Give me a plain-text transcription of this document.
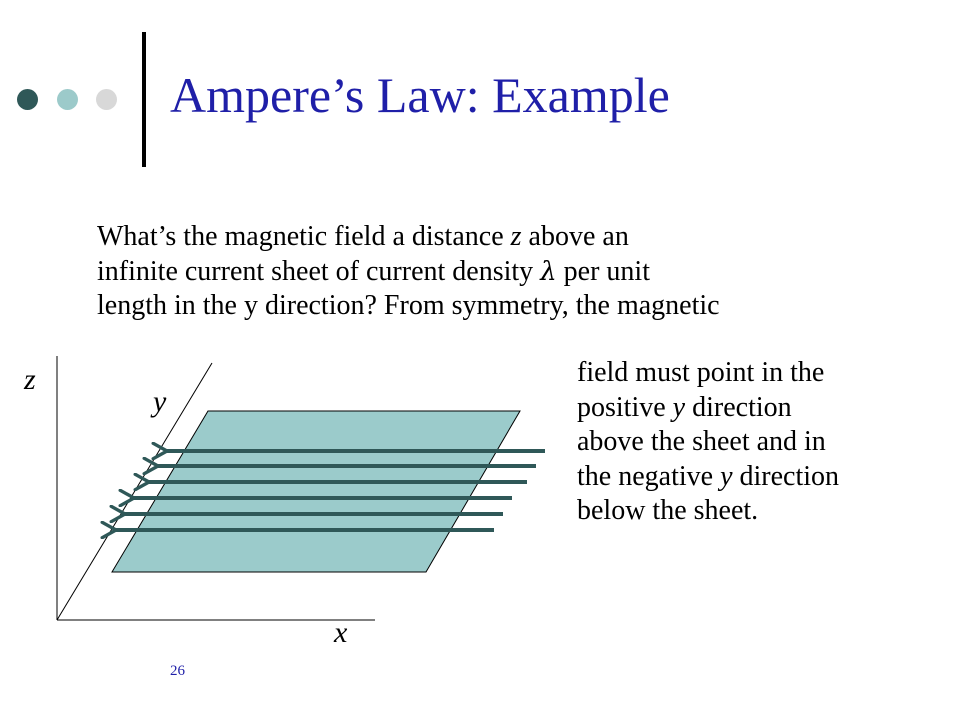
Ampere’s Law: Example
What’s the magnetic field a distance z above an
infinite current sheet of current density λ per unit
length in the y direction? From symmetry, the magnetic
field must point in the
positive y direction
above the sheet and in
the negative y direction
below the sheet.
z
y
x
26
